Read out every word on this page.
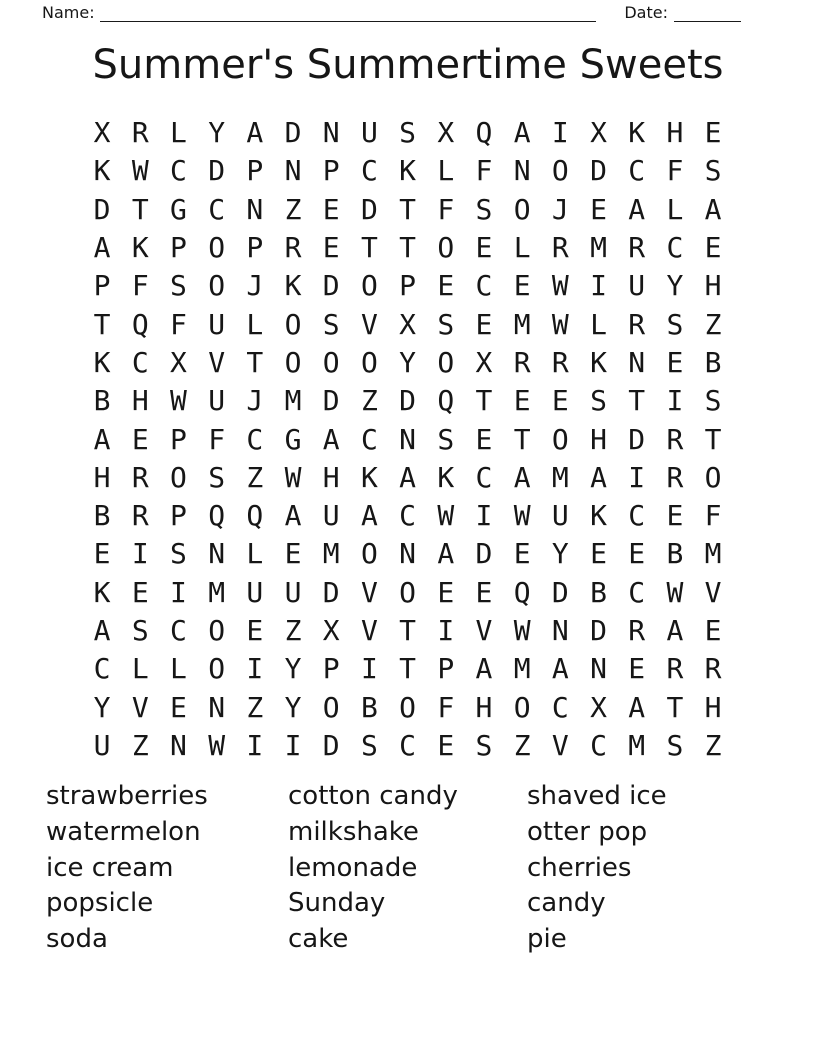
Name:	Date:
Summer's Summertime Sweets
X R L Y A D N U S X Q A I X K H E
K W C D P N P C K L F N O D C F S
D T G C N Z E D T F S O J E A L A
A K P O P R E T T O E L R M R C E
P F S O J K D O P E C E W I U Y H
T Q F U L O S V X S E M W L R S Z
K C X V T O O O Y O X R R K N E B
B H W U J M D Z D Q T E E S T I S
A E P F C G A C N S E T O H D R T
H R O S Z W H K A K C A M A I R O
B R P Q Q A U A C W I W U K C E F
E I S N L E M O N A D E Y E E B M
K E I M U U D V O E E Q D B C W V
A S C O E Z X V T I V W N D R A E
C L L O I Y P I T P A M A N E R R
Y V E N Z Y O B O F H O C X A T H
U Z N W I I D S C E S Z V C M S Z
strawberries
watermelon
ice cream
popsicle
soda
cotton candy
milkshake
lemonade
Sunday
cake
shaved ice
otter pop
cherries
candy
pie
